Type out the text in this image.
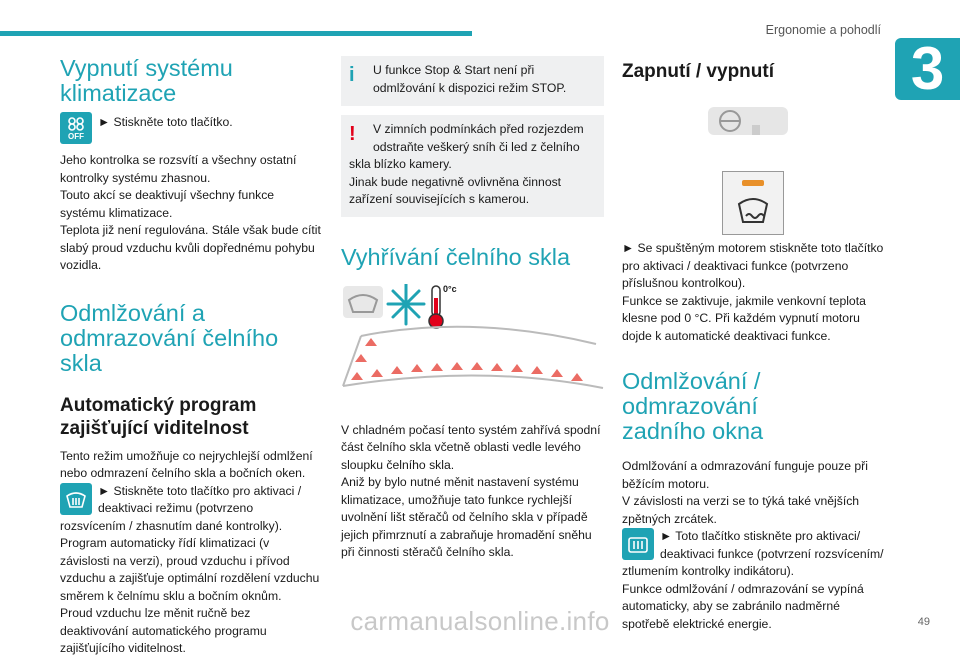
Ergonomie a pohodlí
3
Vypnutí systému klimatizace
OFF

► Stiskněte toto tlačítko.

Jeho kontrolka se rozsvítí a všechny ostatní kontrolky systému zhasnou.

Touto akcí se deaktivují všechny funkce systému klimatizace.

Teplota již není regulována. Stále však bude cítit slabý proud vzduchu kvůli dopřednému pohybu vozidla.

Odmlžování a odmrazování čelního skla
Automatický program zajišťující viditelnost

Tento režim umožňuje co nejrychlejší odmlžení nebo odmrazení čelního skla a bočních oken.

► Stiskněte toto tlačítko pro aktivaci / deaktivaci režimu (potvrzeno rozsvícením / zhasnutím dané kontrolky).

Program automaticky řídí klimatizaci (v závislosti na verzi), proud vzduchu i přívod vzduchu a zajišťuje optimální rozdělení vzduchu směrem k čelnímu sklu a bočním oknům.

Proud vzduchu lze měnit ručně bez deaktivování automatického programu zajišťujícího viditelnost.

i	U funkce Stop & Start není při odmlžování k dispozici režim STOP.

!	V zimních podmínkách před rozjezdem odstraňte veškerý sníh či led z čelního skla blízko kamery.

Jinak bude negativně ovlivněna činnost zařízení souvisejících s kamerou.

Vyhřívání čelního skla
0°c

V chladném počasí tento systém zahřívá spodní část čelního skla včetně oblasti vedle levého sloupku čelního skla.

Aniž by bylo nutné měnit nastavení systému klimatizace, umožňuje tato funkce rychlejší uvolnění lišt stěračů od čelního skla v případě jejich přimrznutí a zabraňuje hromadění sněhu při činnosti stěračů čelního skla.

Zapnutí / vypnutí

► Se spuštěným motorem stiskněte toto tlačítko pro aktivaci / deaktivaci funkce (potvrzeno příslušnou kontrolkou).

Funkce se zaktivuje, jakmile venkovní teplota klesne pod 0 °C. Při každém vypnutí motoru dojde k automatické deaktivaci funkce.

Odmlžování / odmrazování zadního okna

Odmlžování a odmrazování funguje pouze při běžícím motoru.

V závislosti na verzi se to týká také vnějších zpětných zrcátek.

► Toto tlačítko stiskněte pro aktivaci/ deaktivaci funkce (potvrzení rozsvícením/ ztlumením kontrolky indikátoru).

Funkce odmlžování / odmrazování se vypíná automaticky, aby se zabránilo nadměrné spotřebě elektrické energie.

carmanualsonline.info	49
